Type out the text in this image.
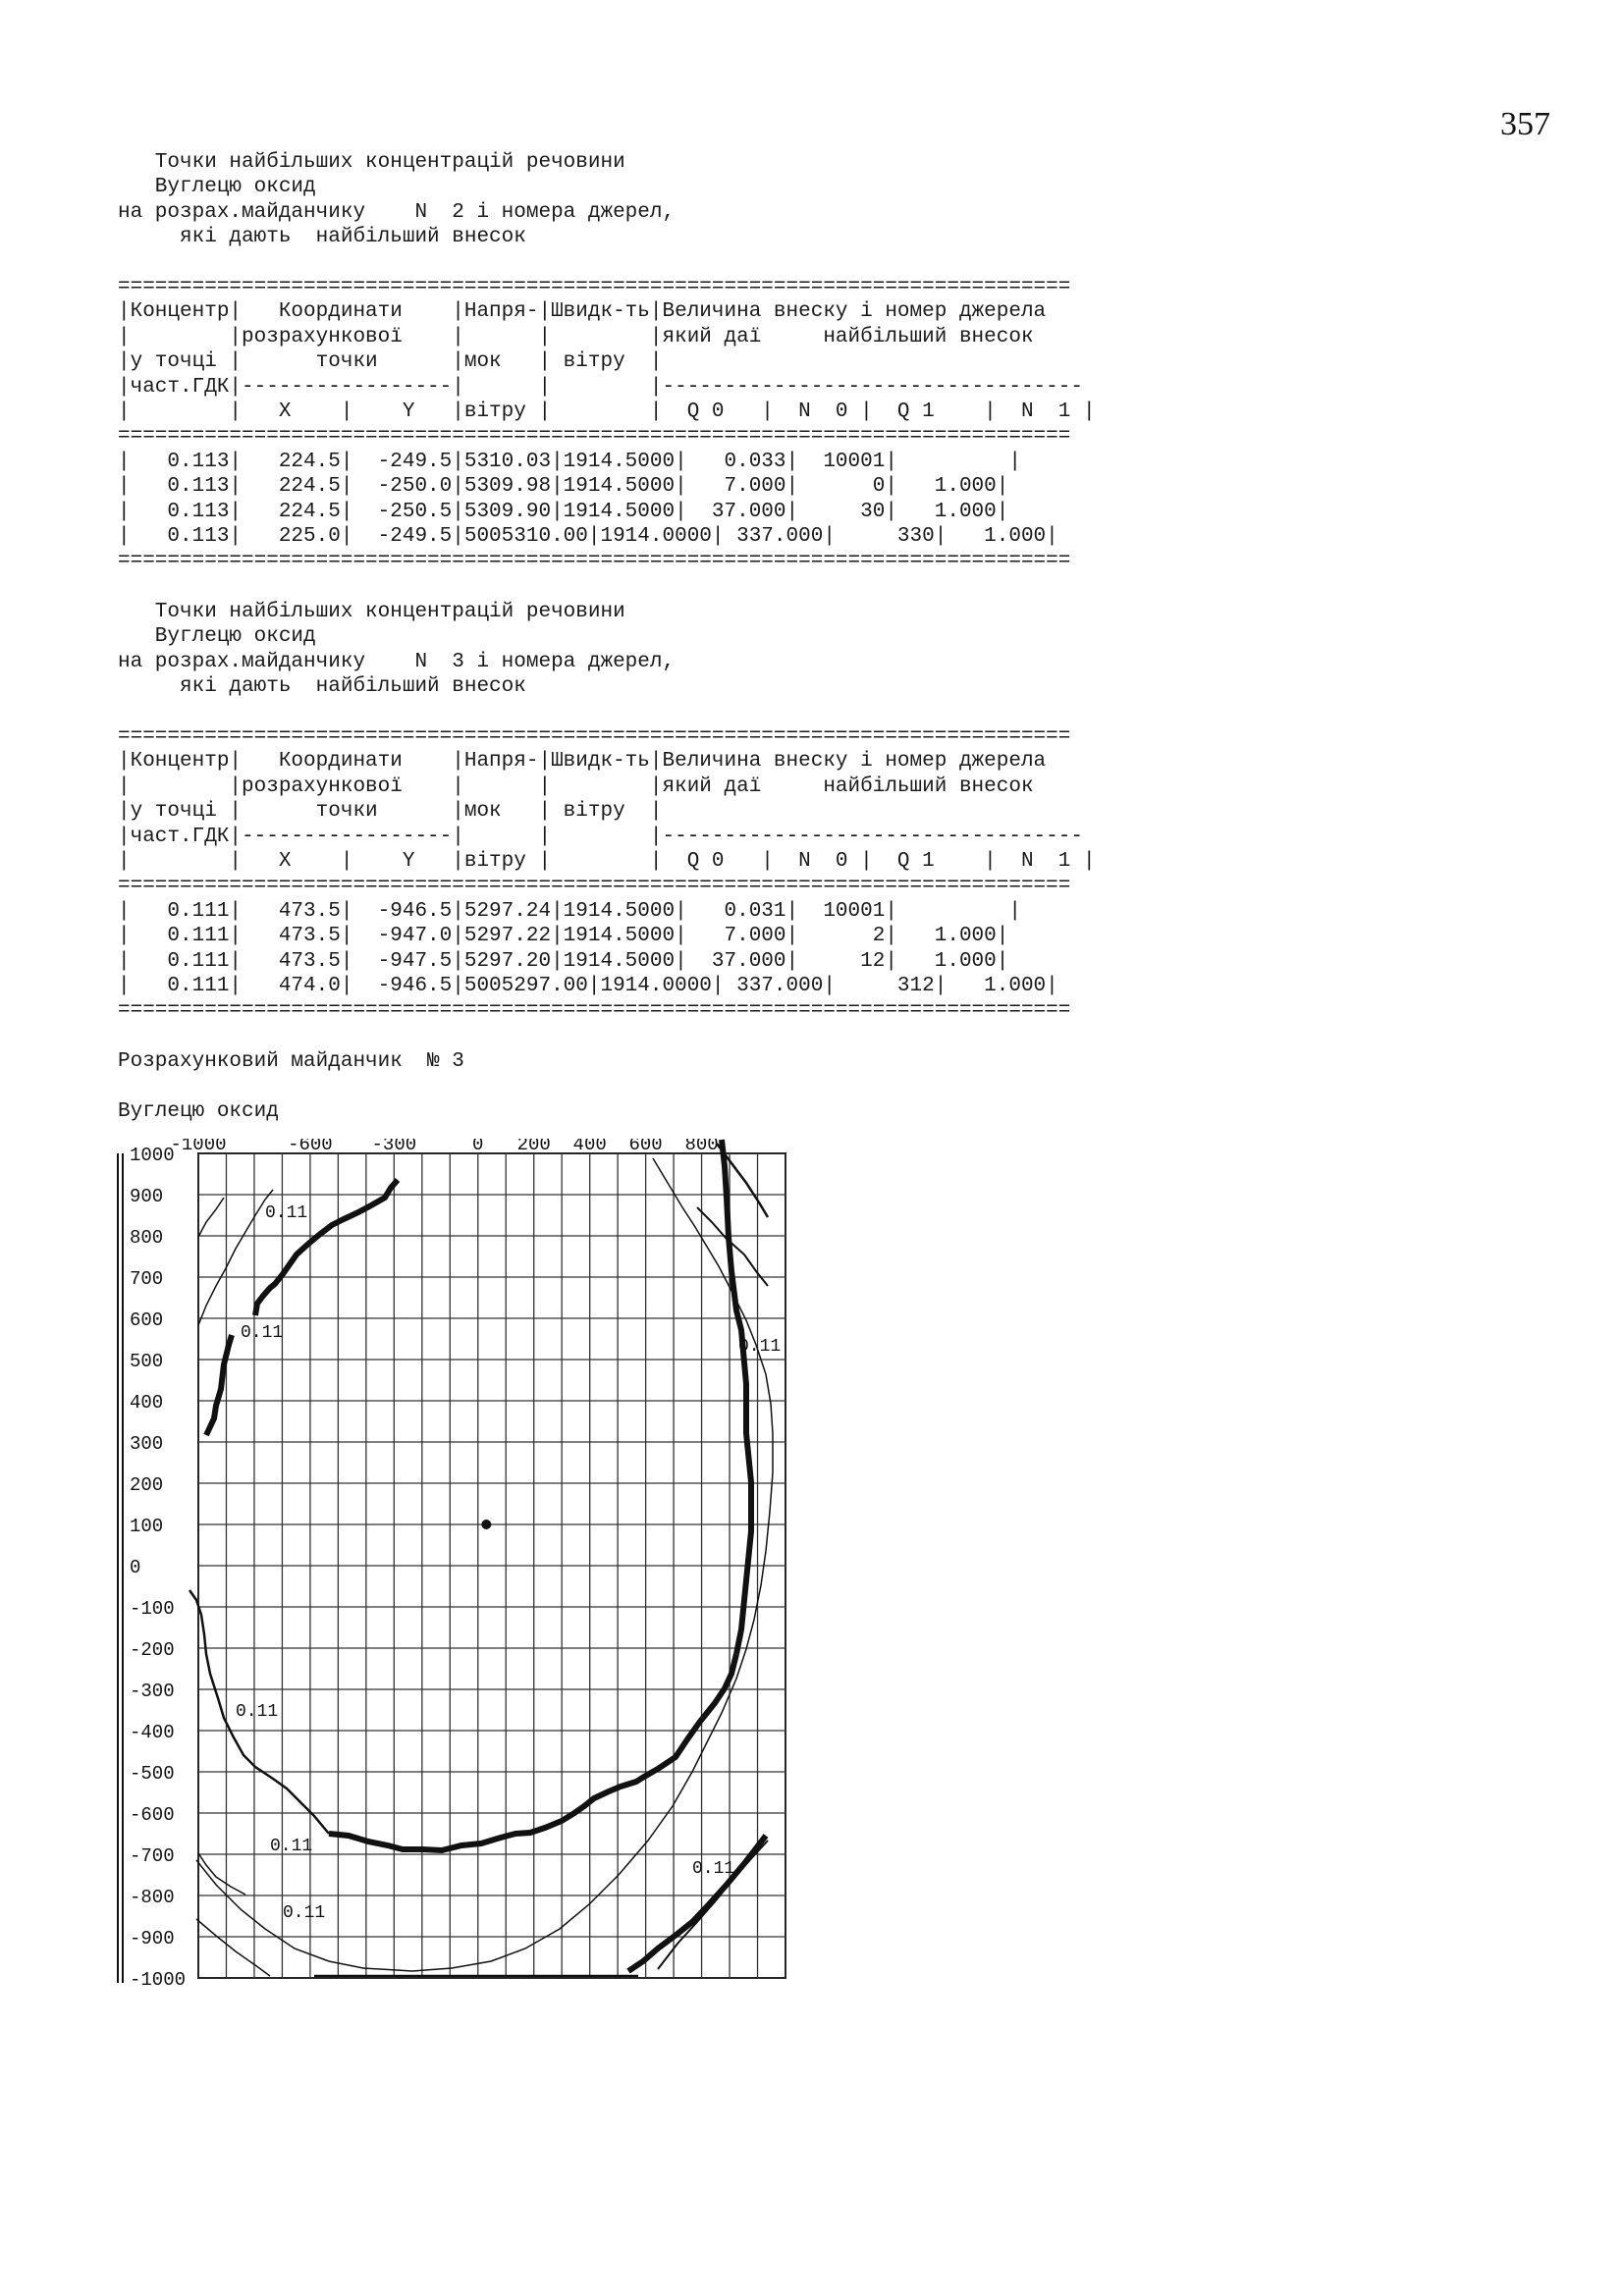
357
Точки найбільших концентрацій речовини
Вуглецю оксид
на розрах.майданчику    N  2 і номера джерел,
які дають  найбільший внесок
=============================================================================
|Концентр|   Координати    |Напря-|Швидк-ть|Величина внеску і номер джерела
|        |розрахункової    |      |        |який даї     найбільший внесок
|у точці |      точки      |мок   | вітру  |
|част.ГДК|-----------------|      |        |----------------------------------
|        |   X    |    Y   |вітру |        |  Q 0   |  N  0 |  Q 1    |  N  1 |
=============================================================================
|   0.113|   224.5|  -249.5|5310.03|1914.5000|   0.033|  10001|         |
|   0.113|   224.5|  -250.0|5309.98|1914.5000|   7.000|      0|   1.000|
|   0.113|   224.5|  -250.5|5309.90|1914.5000|  37.000|     30|   1.000|
|   0.113|   225.0|  -249.5|5005310.00|1914.0000| 337.000|     330|   1.000|
=============================================================================
Точки найбільших концентрацій речовини
Вуглецю оксид
на розрах.майданчику    N  3 і номера джерел,
які дають  найбільший внесок
=============================================================================
|Концентр|   Координати    |Напря-|Швидк-ть|Величина внеску і номер джерела
|        |розрахункової    |      |        |який даї     найбільший внесок
|у точці |      точки      |мок   | вітру  |
|част.ГДК|-----------------|      |        |----------------------------------
|        |   X    |    Y   |вітру |        |  Q 0   |  N  0 |  Q 1    |  N  1 |
=============================================================================
|   0.111|   473.5|  -946.5|5297.24|1914.5000|   0.031|  10001|         |
|   0.111|   473.5|  -947.0|5297.22|1914.5000|   7.000|      2|   1.000|
|   0.111|   473.5|  -947.5|5297.20|1914.5000|  37.000|     12|   1.000|
|   0.111|   474.0|  -946.5|5005297.00|1914.0000| 337.000|     312|   1.000|
=============================================================================
Розрахунковий майданчик  № 3
Вуглецю оксид
-1000	-600 -300	0 200 400 600 800
1000
900
800
700
600
500
400
300
200
100
0
-100
-200
-300
-400
-500
-600
-700
-800
-900
-1000
0.11
0.11
0.11
0.11
0.11
0.11
0.11
